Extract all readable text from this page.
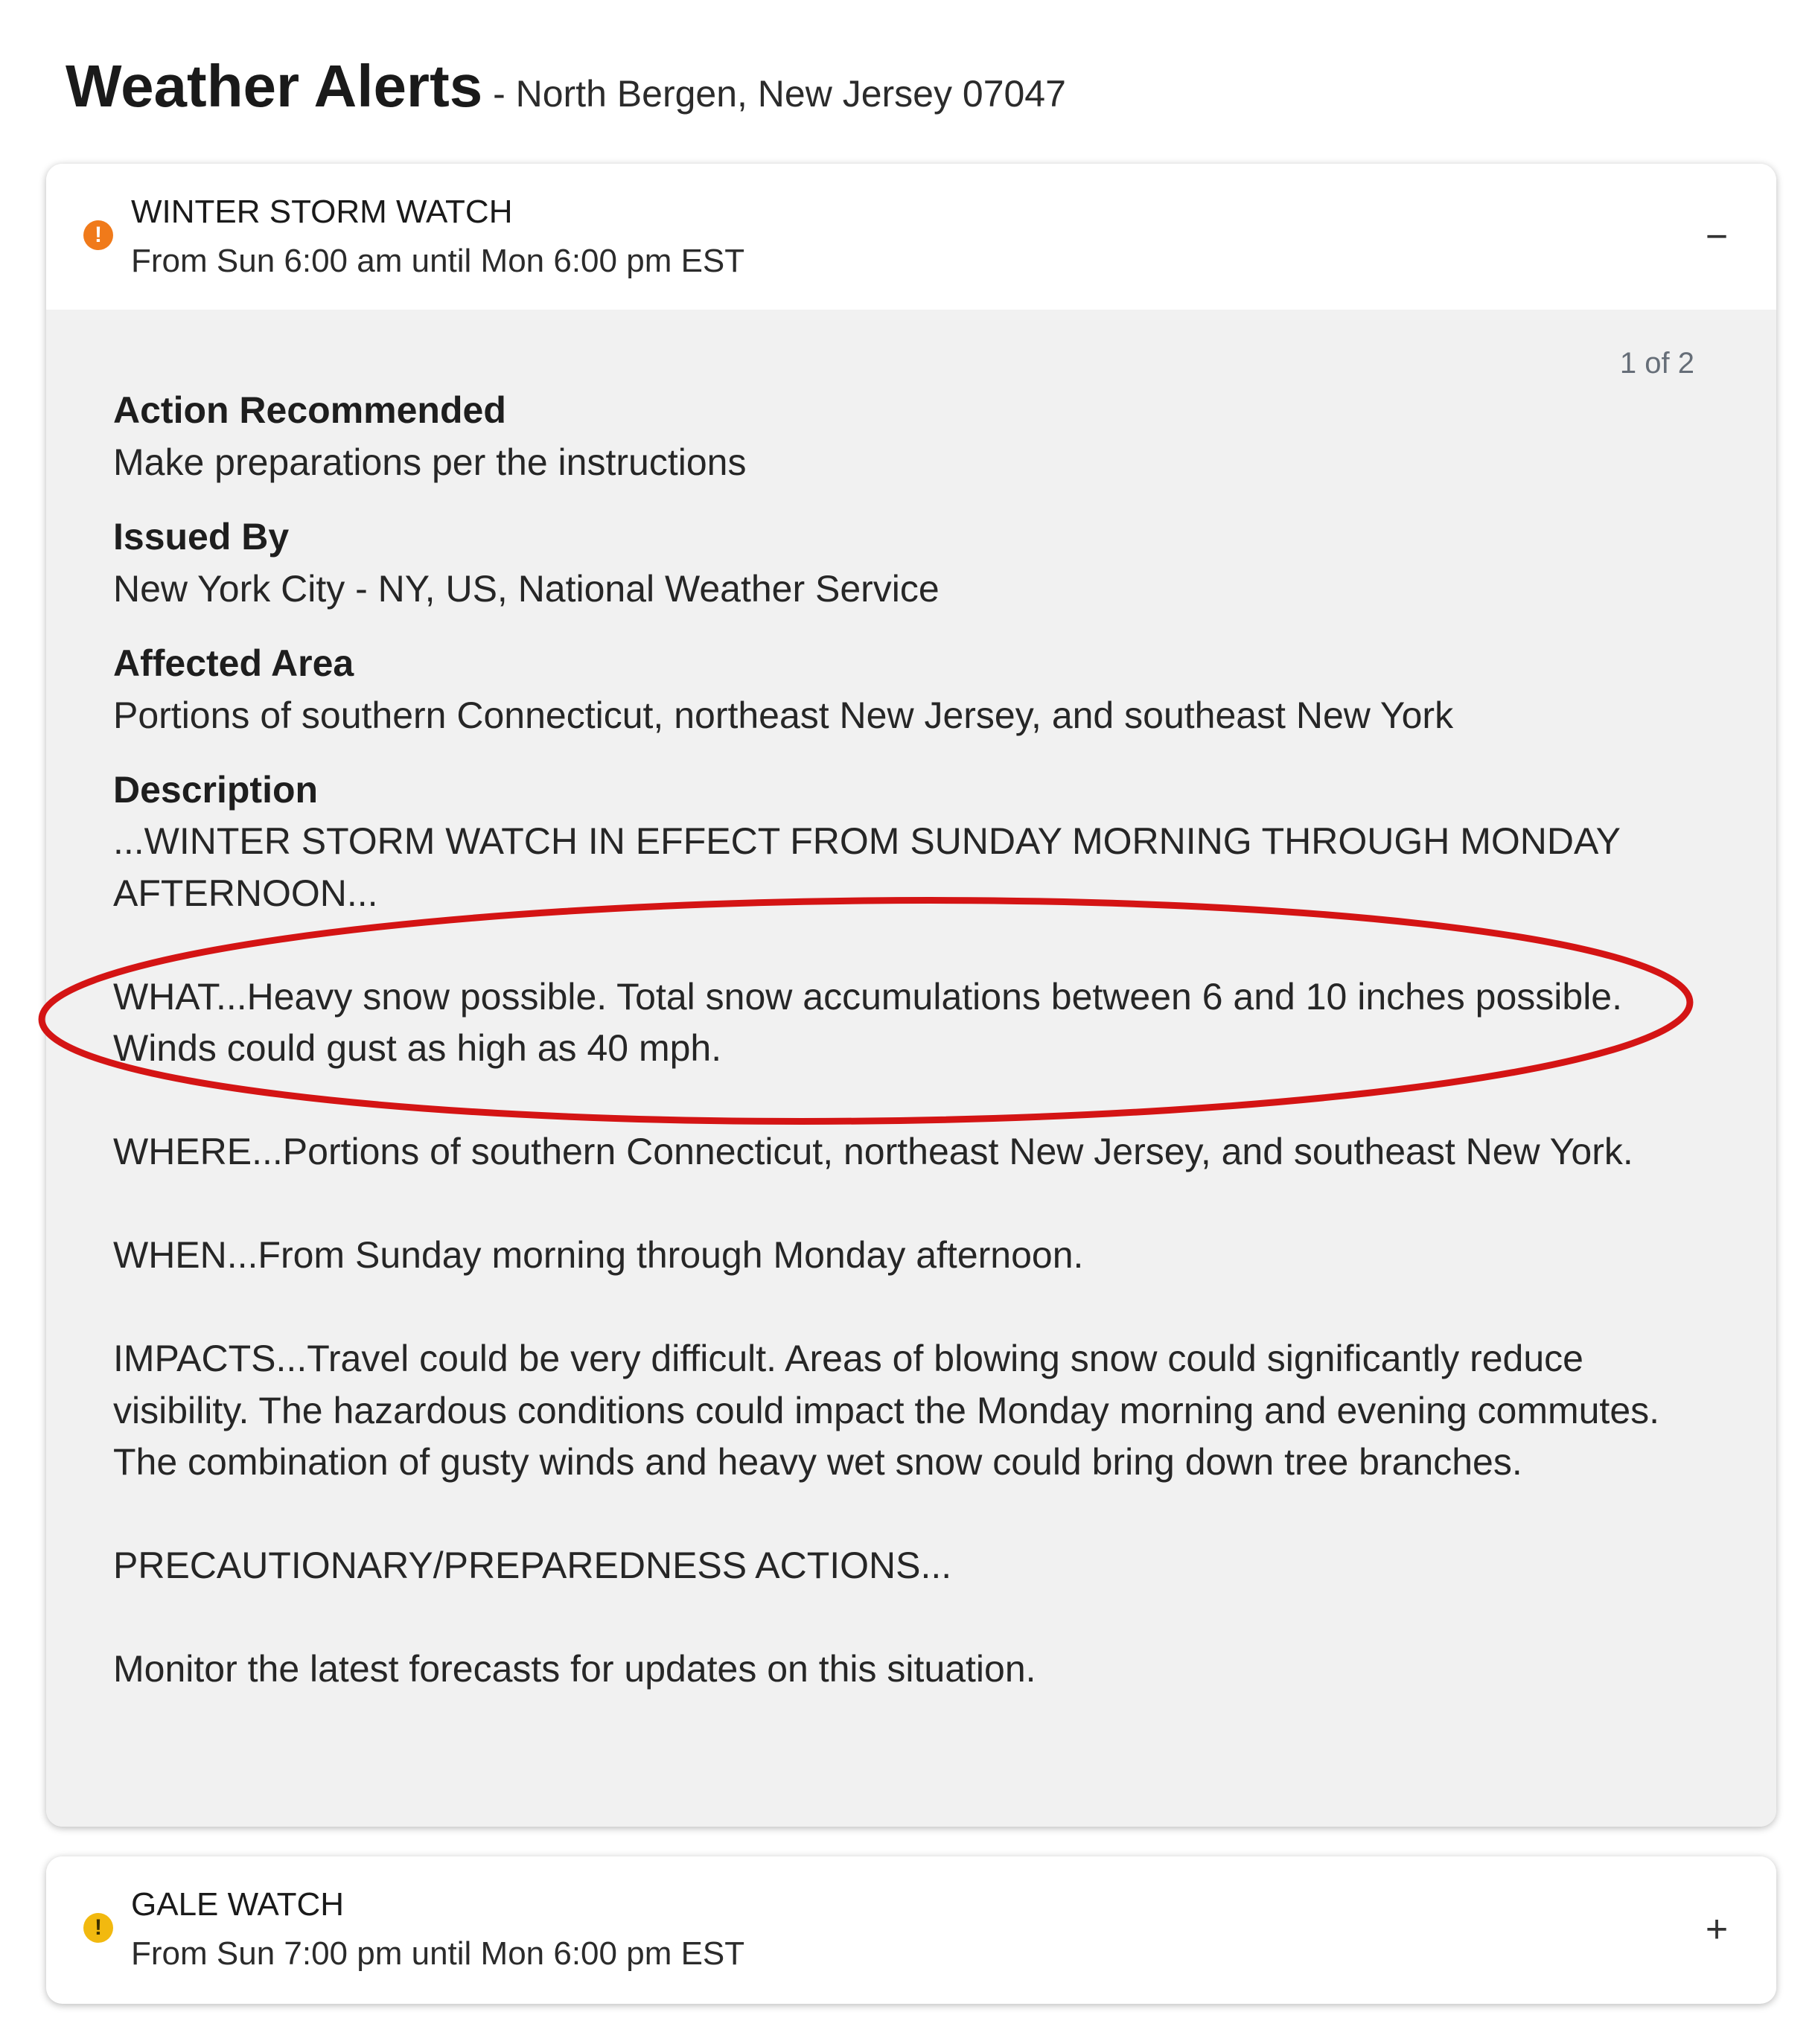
Weather Alerts - North Bergen, New Jersey 07047
!
WINTER STORM WATCH
From Sun 6:00 am until Mon 6:00 pm EST
−
1 of 2
Action Recommended
Make preparations per the instructions
Issued By
New York City - NY, US, National Weather Service
Affected Area
Portions of southern Connecticut, northeast New Jersey, and southeast New York
Description

...WINTER STORM WATCH IN EFFECT FROM SUNDAY MORNING THROUGH MONDAY AFTERNOON...

WHAT...Heavy snow possible. Total snow accumulations between 6 and 10 inches possible. Winds could gust as high as 40 mph.

WHERE...Portions of southern Connecticut, northeast New Jersey, and southeast New York.

WHEN...From Sunday morning through Monday afternoon.

IMPACTS...Travel could be very difficult. Areas of blowing snow could significantly reduce visibility. The hazardous conditions could impact the Monday morning and evening commutes. The combination of gusty winds and heavy wet snow could bring down tree branches.

PRECAUTIONARY/PREPAREDNESS ACTIONS...

Monitor the latest forecasts for updates on this situation.

!
GALE WATCH
From Sun 7:00 pm until Mon 6:00 pm EST
+
